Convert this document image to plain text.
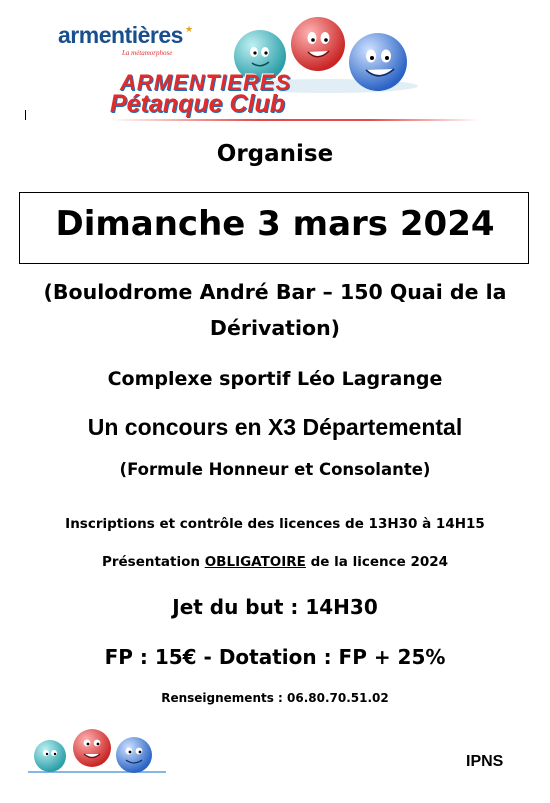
armentières ★
La métamorphose
ARMENTIERES
Pétanque Club
Organise
Dimanche 3 mars 2024
(Boulodrome André Bar – 150 Quai de la
Dérivation)
Complexe sportif Léo Lagrange
Un concours en X3 Départemental
(Formule Honneur et Consolante)
Inscriptions et contrôle des licences de 13H30 à 14H15
Présentation OBLIGATOIRE de la licence 2024
Jet du but : 14H30
FP : 15€ - Dotation : FP + 25%
Renseignements : 06.80.70.51.02
IPNS
